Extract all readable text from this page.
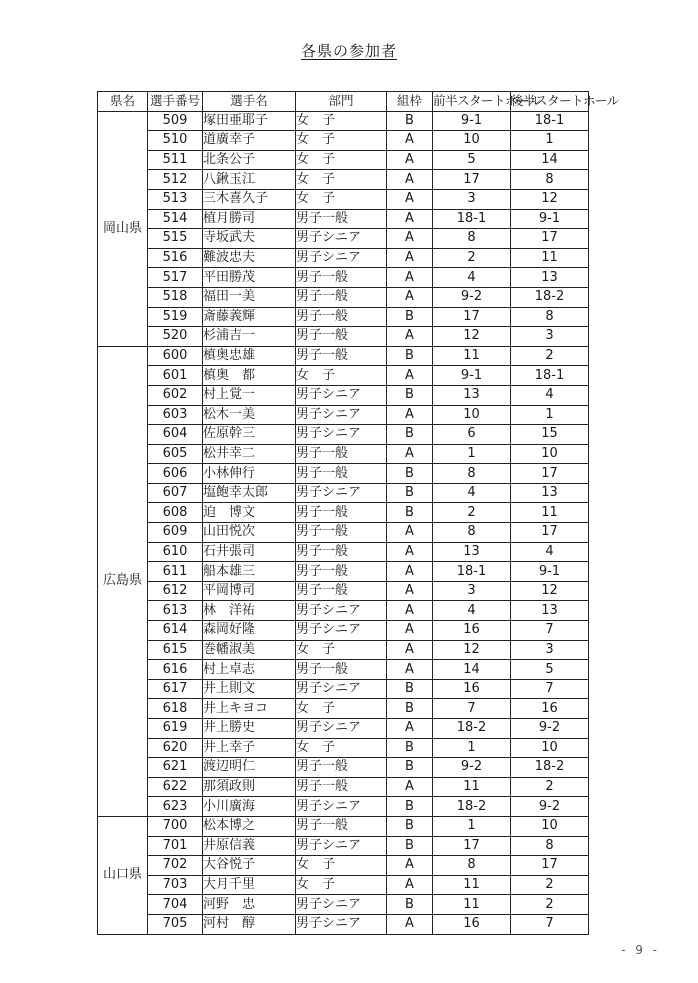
各県の参加者
県名	選手番号	選手名	部門	組枠	前半スタートホール	後半スタートホール
岡山県	509	塚田亜耶子	女　子	B	9-1	18-1
	510	道廣幸子	女　子	A	10	1
	511	北条公子	女　子	A	5	14
	512	八鍬玉江	女　子	A	17	8
	513	三木喜久子	女　子	A	3	12
	514	植月勝司	男子一般	A	18-1	9-1
	515	寺坂武夫	男子シニア	A	8	17
	516	難波忠夫	男子シニア	A	2	11
	517	平田勝茂	男子一般	A	4	13
	518	福田一美	男子一般	A	9-2	18-2
	519	斎藤義輝	男子一般	B	17	8
	520	杉浦吉一	男子一般	A	12	3
広島県	600	槙奥忠雄	男子一般	B	11	2
	601	槙奥　都	女　子	A	9-1	18-1
	602	村上覚一	男子シニア	B	13	4
	603	松木一美	男子シニア	A	10	1
	604	佐原幹三	男子シニア	B	6	15
	605	松井幸二	男子一般	A	1	10
	606	小林伸行	男子一般	B	8	17
	607	塩飽幸太郎	男子シニア	B	4	13
	608	迫　博文	男子一般	B	2	11
	609	山田悦次	男子一般	A	8	17
	610	石井張司	男子一般	A	13	4
	611	船本雄三	男子一般	A	18-1	9-1
	612	平岡博司	男子一般	A	3	12
	613	林　洋祐	男子シニア	A	4	13
	614	森岡好隆	男子シニア	A	16	7
	615	巻幡淑美	女　子	A	12	3
	616	村上卓志	男子一般	A	14	5
	617	井上則文	男子シニア	B	16	7
	618	井上キヨコ	女　子	B	7	16
	619	井上勝史	男子シニア	A	18-2	9-2
	620	井上幸子	女　子	B	1	10
	621	渡辺明仁	男子一般	B	9-2	18-2
	622	那須政則	男子一般	A	11	2
	623	小川廣海	男子シニア	B	18-2	9-2
山口県	700	松本博之	男子一般	B	1	10
	701	井原信義	男子シニア	B	17	8
	702	大谷悦子	女　子	A	8	17
	703	大月千里	女　子	A	11	2
	704	河野　忠	男子シニア	B	11	2
	705	河村　醇	男子シニア	A	16	7
- 9 -
